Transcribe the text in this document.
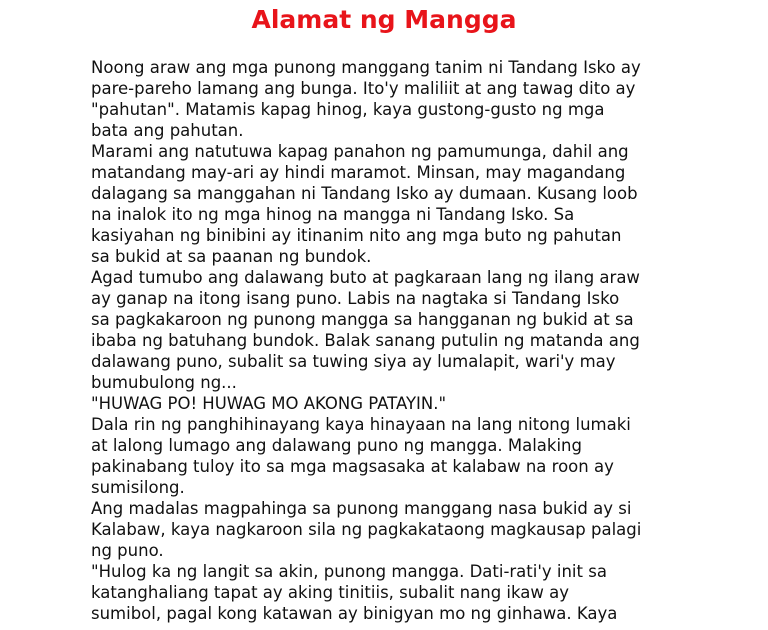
Alamat ng Mangga

Noong araw ang mga punong manggang tanim ni Tandang Isko ay
pare-pareho lamang ang bunga. Ito'y maliliit at ang tawag dito ay
"pahutan". Matamis kapag hinog, kaya gustong-gusto ng mga
bata ang pahutan.

Marami ang natutuwa kapag panahon ng pamumunga, dahil ang
matandang may-ari ay hindi maramot. Minsan, may magandang
dalagang sa manggahan ni Tandang Isko ay dumaan. Kusang loob
na inalok ito ng mga hinog na mangga ni Tandang Isko. Sa
kasiyahan ng binibini ay itinanim nito ang mga buto ng pahutan
sa bukid at sa paanan ng bundok.

Agad tumubo ang dalawang buto at pagkaraan lang ng ilang araw
ay ganap na itong isang puno. Labis na nagtaka si Tandang Isko
sa pagkakaroon ng punong mangga sa hangganan ng bukid at sa
ibaba ng batuhang bundok. Balak sanang putulin ng matanda ang
dalawang puno, subalit sa tuwing siya ay lumalapit, wari'y may
bumubulong ng...

"HUWAG PO! HUWAG MO AKONG PATAYIN."

Dala rin ng panghihinayang kaya hinayaan na lang nitong lumaki
at lalong lumago ang dalawang puno ng mangga. Malaking
pakinabang tuloy ito sa mga magsasaka at kalabaw na roon ay
sumisilong.

Ang madalas magpahinga sa punong manggang nasa bukid ay si
Kalabaw, kaya nagkaroon sila ng pagkakataong magkausap palagi
ng puno.

"Hulog ka ng langit sa akin, punong mangga. Dati-rati'y init sa
katanghaliang tapat ay aking tinitiis, subalit nang ikaw ay
sumibol, pagal kong katawan ay binigyan mo ng ginhawa. Kaya
